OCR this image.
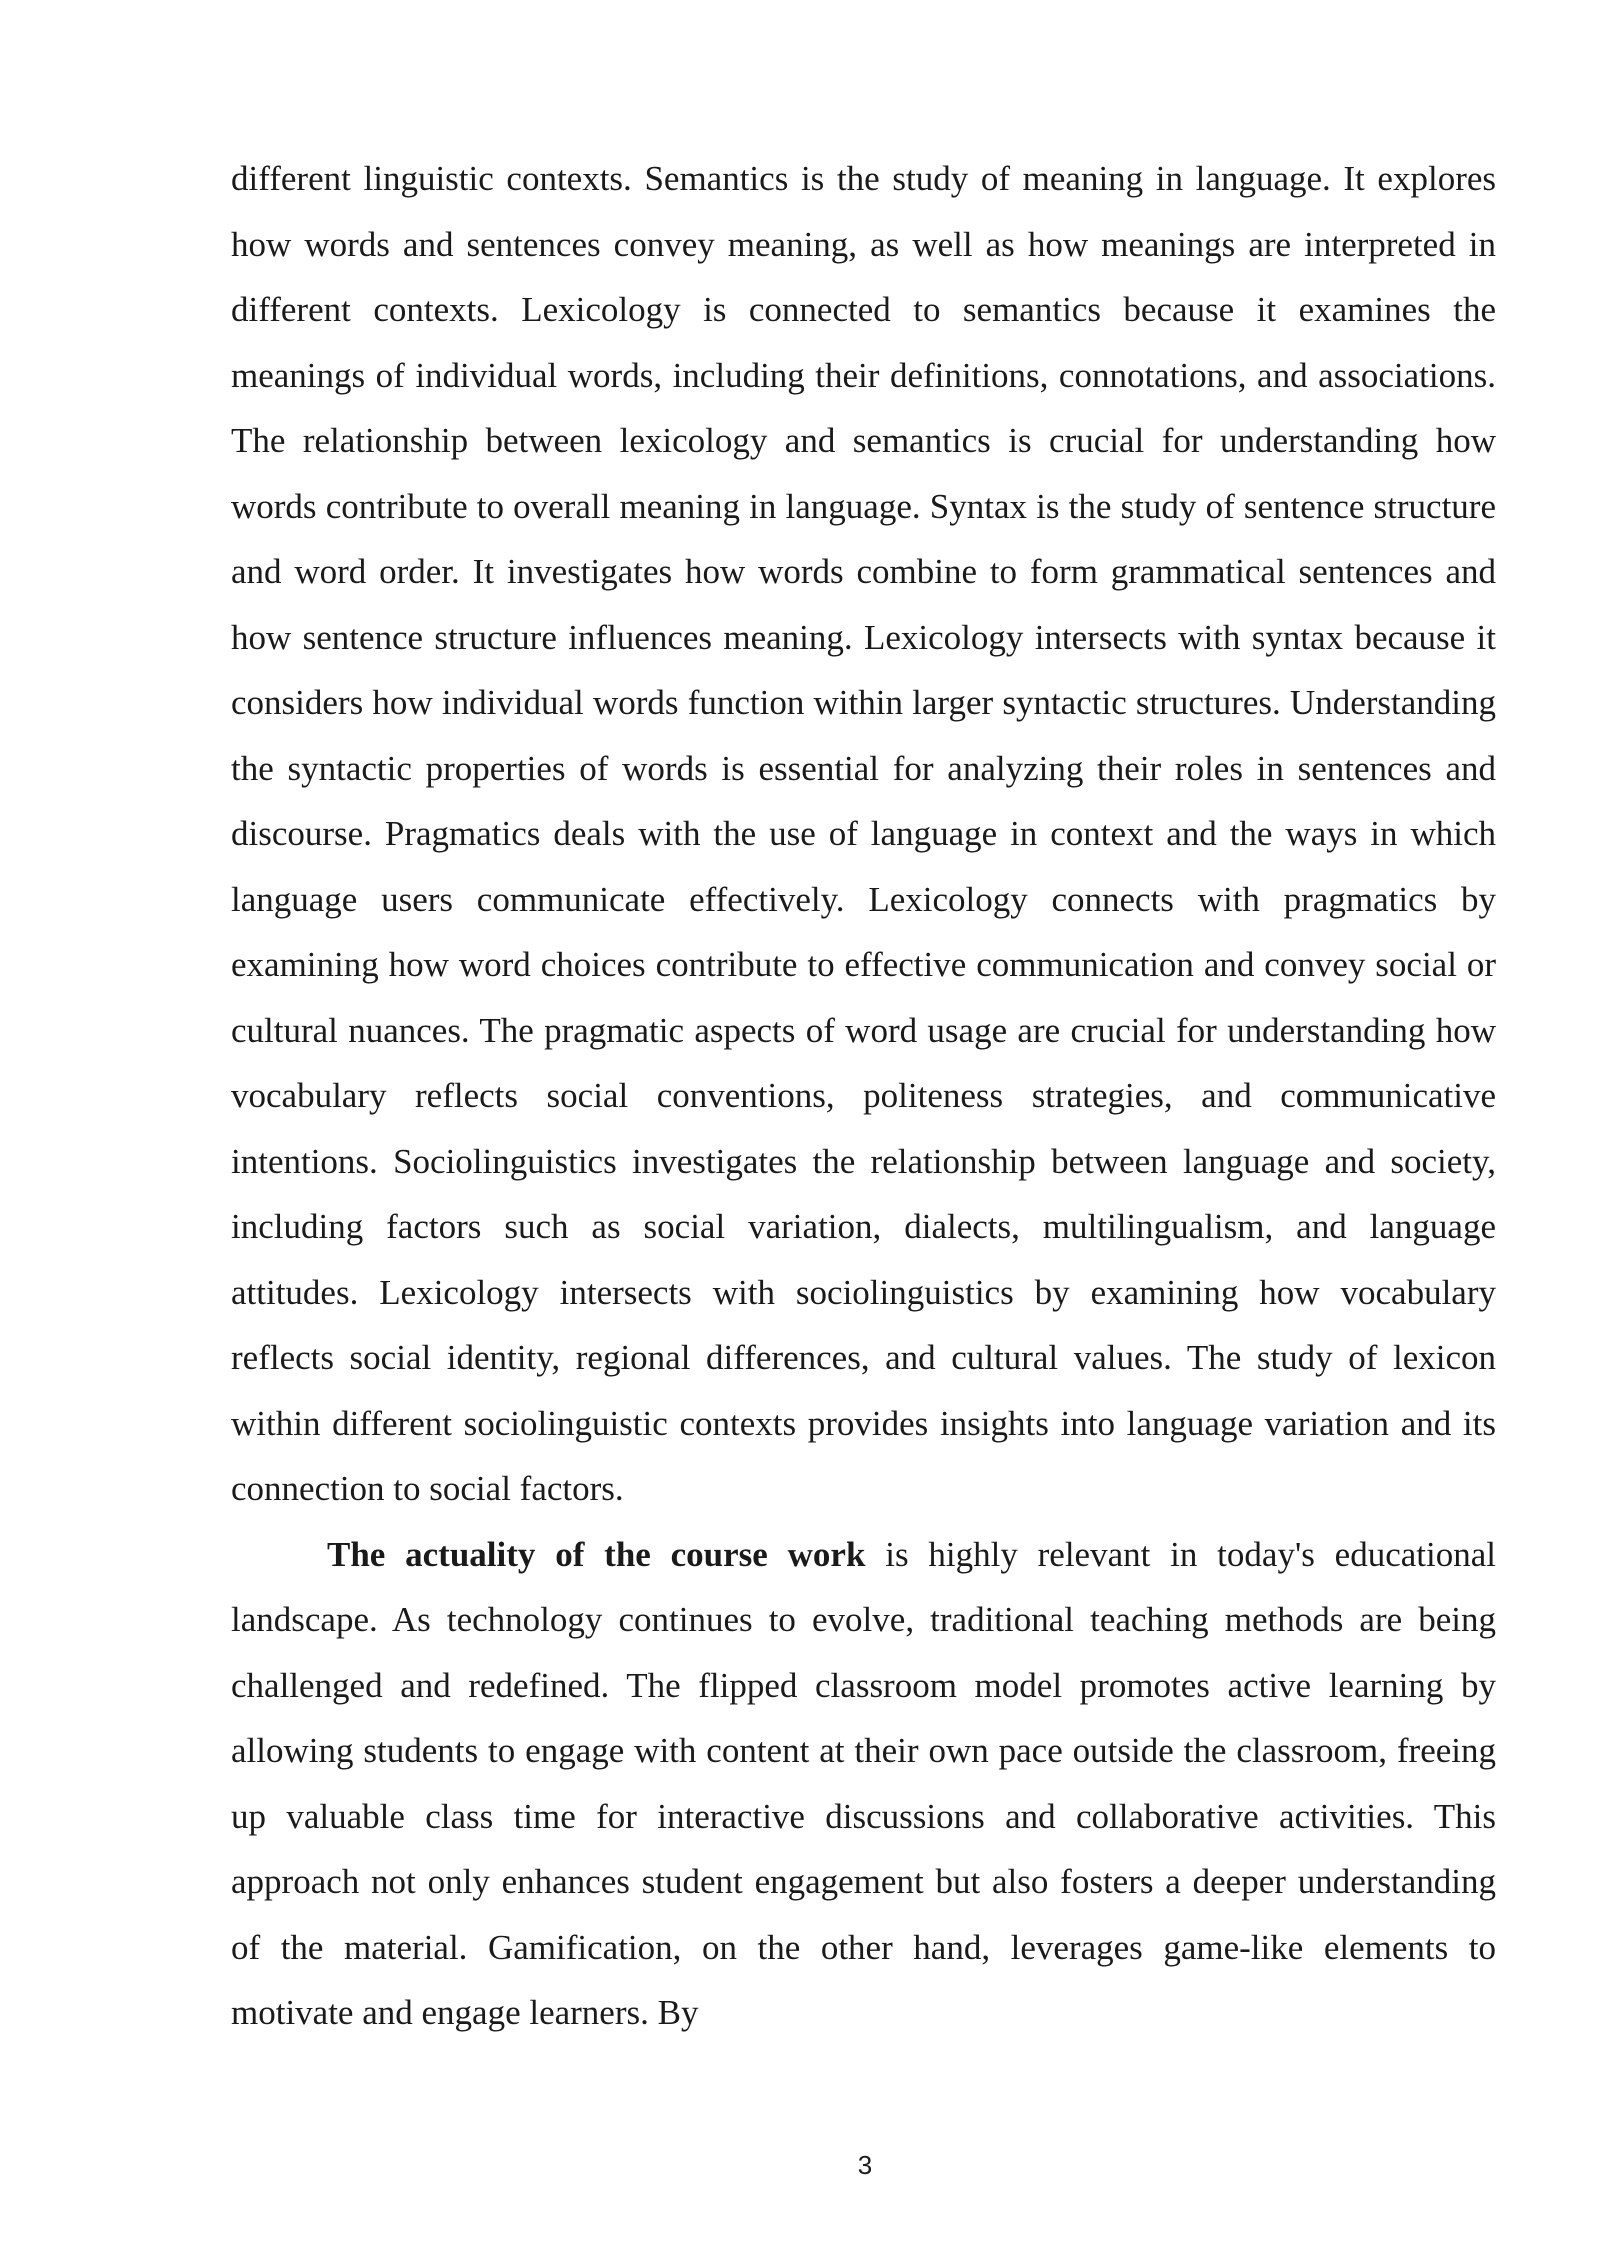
different linguistic contexts. Semantics is the study of meaning in language. It explores how words and sentences convey meaning, as well as how meanings are interpreted in different contexts. Lexicology is connected to semantics because it examines the meanings of individual words, including their definitions, connotations, and associations. The relationship between lexicology and semantics is crucial for understanding how words contribute to overall meaning in language. Syntax is the study of sentence structure and word order. It investigates how words combine to form grammatical sentences and how sentence structure influences meaning. Lexicology intersects with syntax because it considers how individual words function within larger syntactic structures. Understanding the syntactic properties of words is essential for analyzing their roles in sentences and discourse. Pragmatics deals with the use of language in context and the ways in which language users communicate effectively. Lexicology connects with pragmatics by examining how word choices contribute to effective communication and convey social or cultural nuances. The pragmatic aspects of word usage are crucial for understanding how vocabulary reflects social conventions, politeness strategies, and communicative intentions. Sociolinguistics investigates the relationship between language and society, including factors such as social variation, dialects, multilingualism, and language attitudes. Lexicology intersects with sociolinguistics by examining how vocabulary reflects social identity, regional differences, and cultural values. The study of lexicon within different sociolinguistic contexts provides insights into language variation and its connection to social factors.

The actuality of the course work is highly relevant in today's educational landscape. As technology continues to evolve, traditional teaching methods are being challenged and redefined. The flipped classroom model promotes active learning by allowing students to engage with content at their own pace outside the classroom, freeing up valuable class time for interactive discussions and collaborative activities. This approach not only enhances student engagement but also fosters a deeper understanding of the material. Gamification, on the other hand, leverages game-like elements to motivate and engage learners. By

3
